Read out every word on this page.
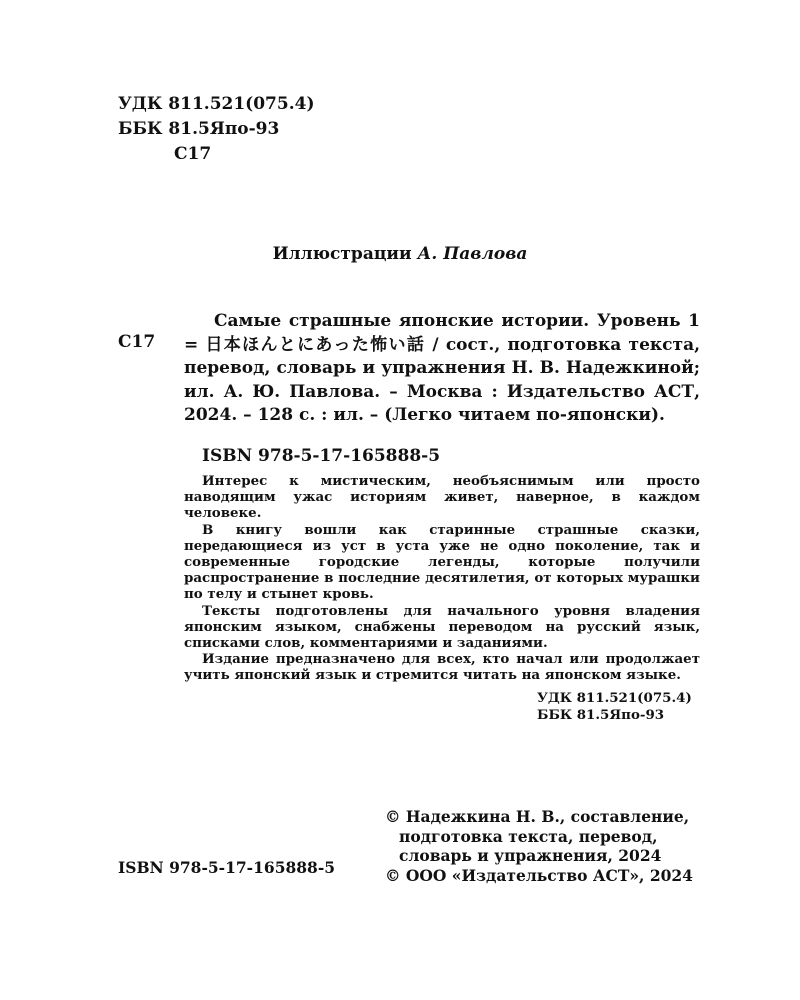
УДК 811.521(075.4)
ББК 81.5Япо-93
С17
Иллюстрации А. Павлова
С17
Самые страшные японские истории. Уровень 1 = 日本ほんとにあった怖い話 / сост., подготовка текста, перевод, словарь и упражнения Н. В. Надежкиной; ил. А. Ю. Павлова. – Москва : Издательство АСТ, 2024. – 128 с. : ил. – (Легко читаем по-японски).
ISBN 978-5-17-165888-5

Интерес к мистическим, необъяснимым или просто наводящим ужас историям живет, наверное, в каждом человеке.

В книгу вошли как старинные страшные сказки, передающиеся из уст в уста уже не одно поколение, так и современные городские легенды, которые получили распространение в последние десятилетия, от которых мурашки по телу и стынет кровь.

Тексты подготовлены для начального уровня владения японским языком, снабжены переводом на русский язык, списками слов, комментариями и заданиями.

Издание предназначено для всех, кто начал или продолжает учить японский язык и стремится читать на японском языке.

УДК 811.521(075.4)
ББК 81.5Япо-93
© Надежкина Н. В., составление,
подготовка текста, перевод,
словарь и упражнения, 2024
© ООО «Издательство АСТ», 2024
ISBN 978-5-17-165888-5
